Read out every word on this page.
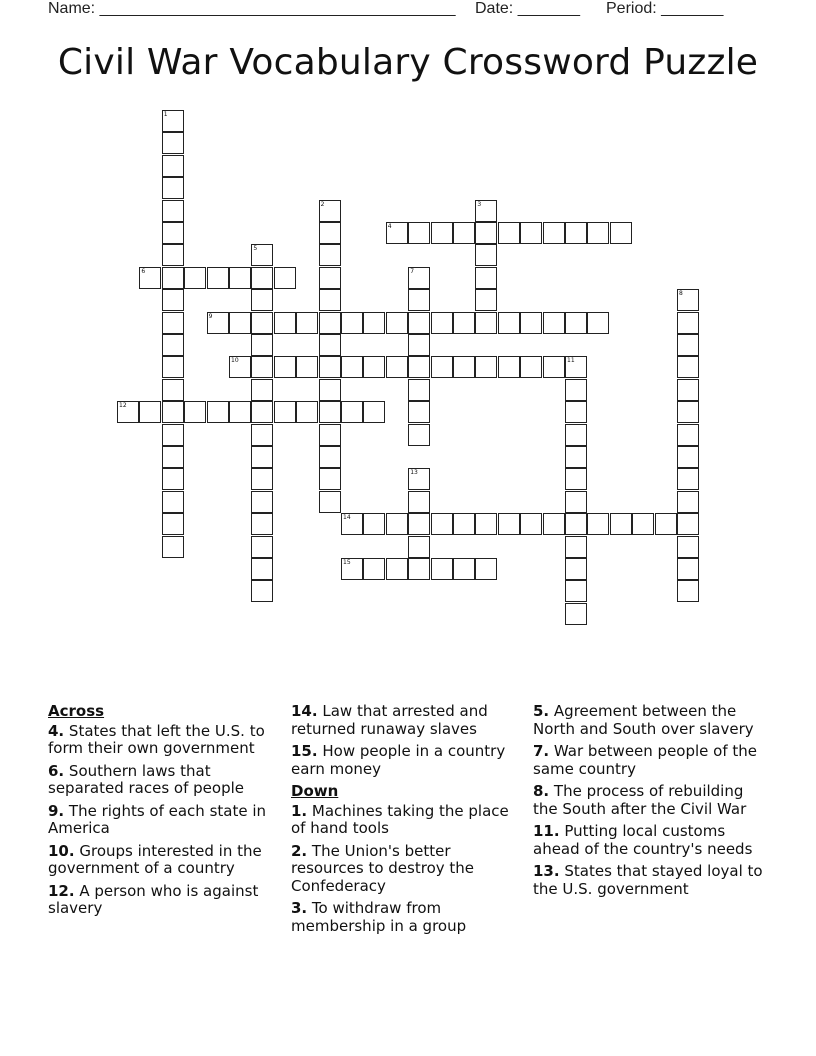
Name: ________________________________________ Date: _______ Period: _______
Civil War Vocabulary Crossword Puzzle
1
2	3
4
5
6	7
8
9
10	11
12
13
14
15
Across
4. States that left the U.S. to form their own government
6. Southern laws that separated races of people
9. The rights of each state in America
10. Groups interested in the government of a country
12. A person who is against slavery
14. Law that arrested and returned runaway slaves
15. How people in a country earn money
Down
1. Machines taking the place of hand tools
2. The Union's better resources to destroy the Confederacy
3. To withdraw from membership in a group
5. Agreement between the North and South over slavery
7. War between people of the same country
8. The process of rebuilding the South after the Civil War
11. Putting local customs ahead of the country's needs
13. States that stayed loyal to the U.S. government
